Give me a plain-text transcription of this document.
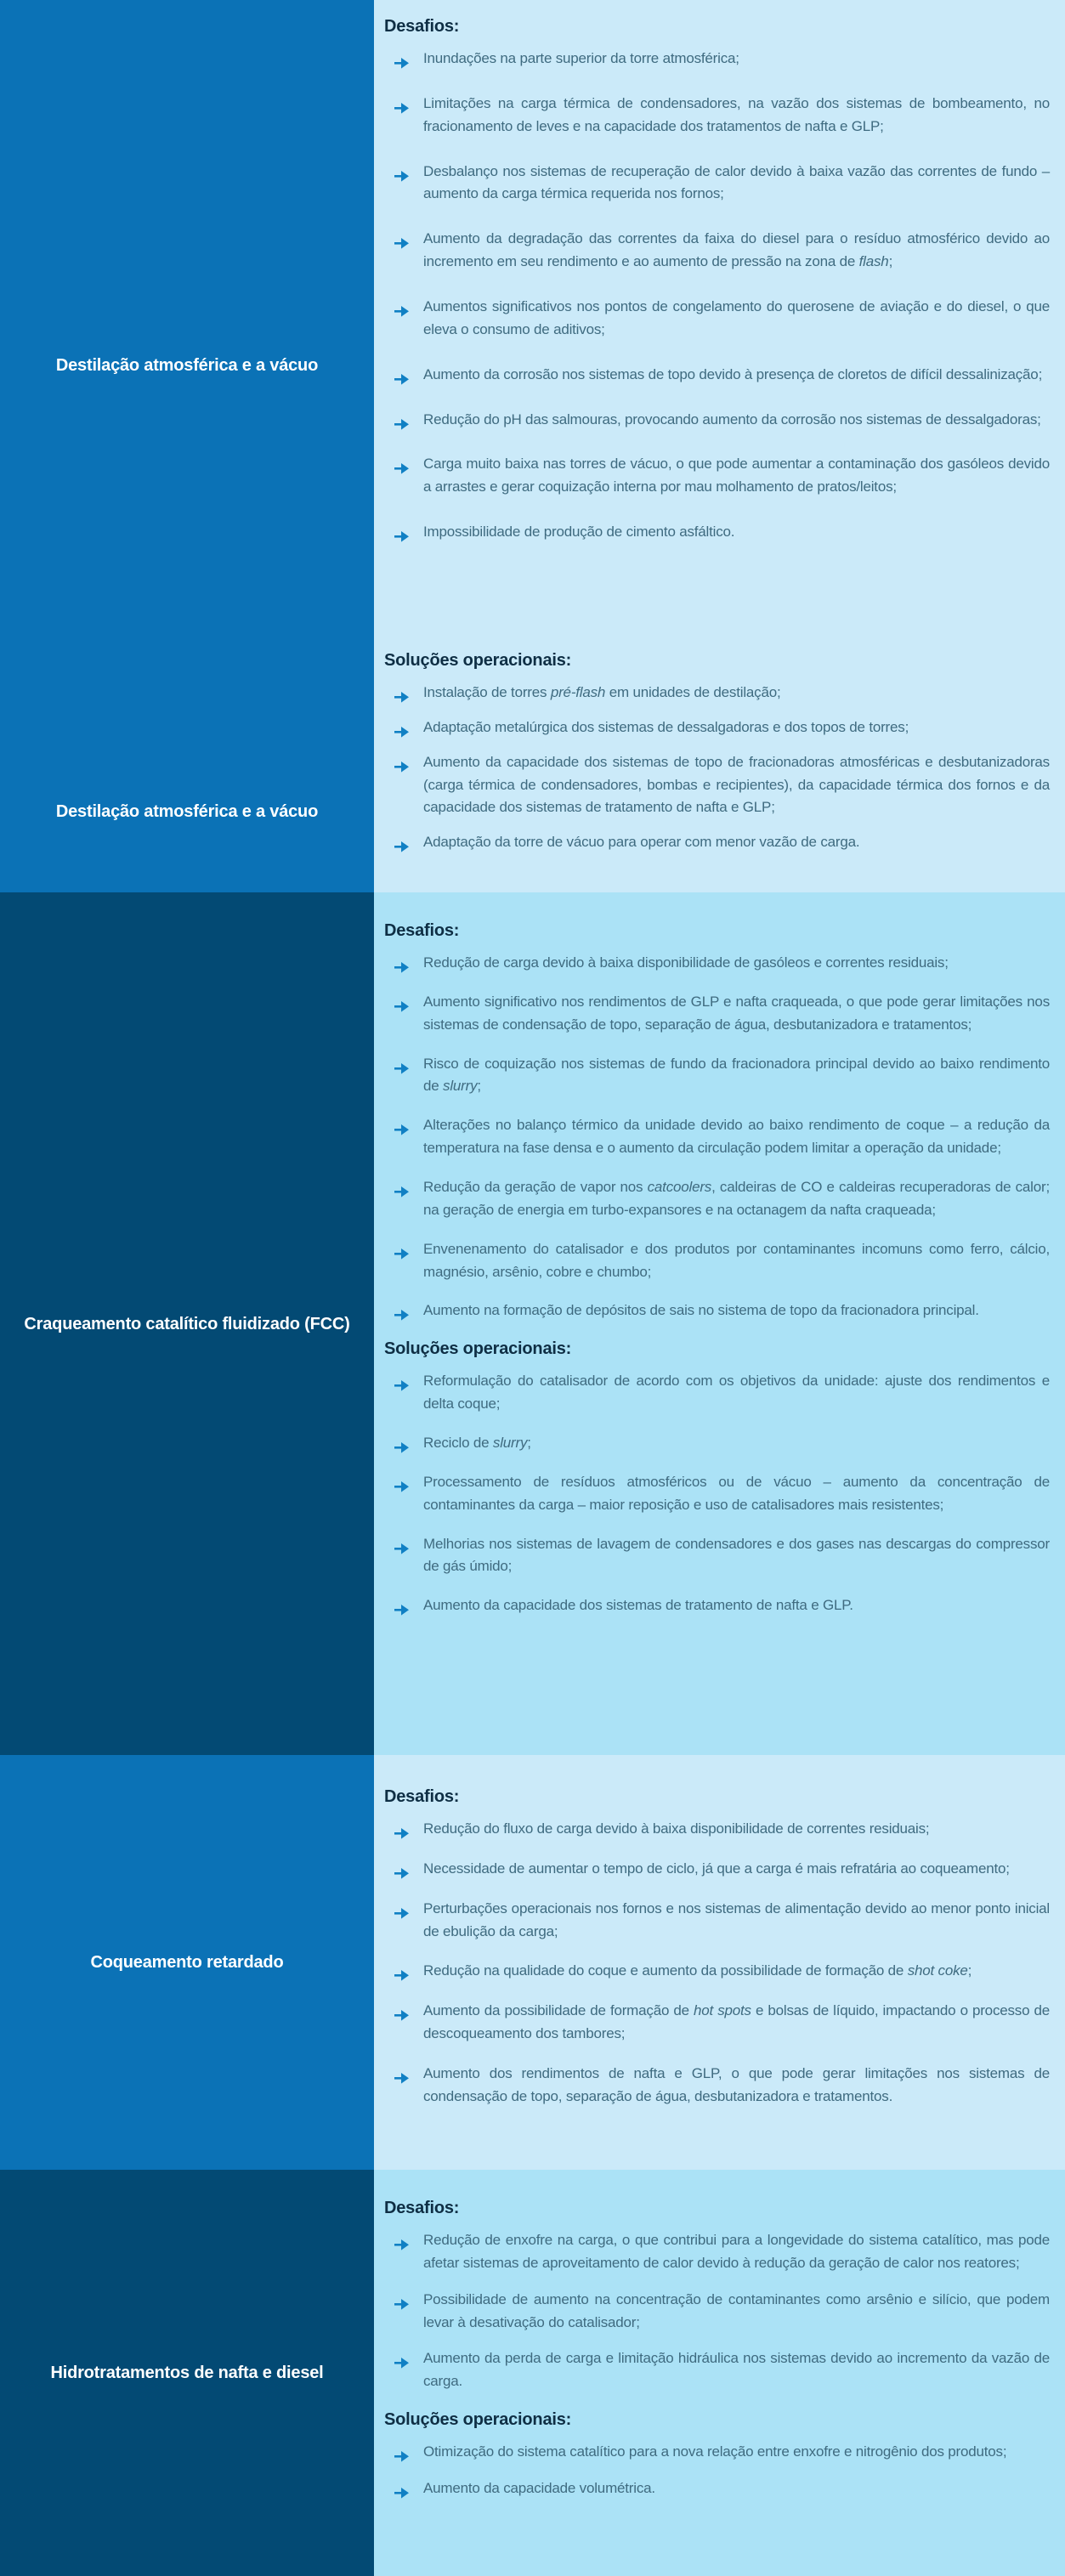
Destilação atmosférica e a vácuo
Desafios:
Inundações na parte superior da torre atmosférica;
Limitações na carga térmica de condensadores, na vazão dos sistemas de bombeamento, no fracionamento de leves e na capacidade dos tratamentos de nafta e GLP;
Desbalanço nos sistemas de recuperação de calor devido à baixa vazão das correntes de fundo – aumento da carga térmica requerida nos fornos;
Aumento da degradação das correntes da faixa do diesel para o resíduo atmosférico devido ao incremento em seu rendimento e ao aumento de pressão na zona de flash;
Aumentos significativos nos pontos de congelamento do querosene de aviação e do diesel, o que eleva o consumo de aditivos;
Aumento da corrosão nos sistemas de topo devido à presença de cloretos de difícil dessalinização;
Redução do pH das salmouras, provocando aumento da corrosão nos sistemas de dessalgadoras;
Carga muito baixa nas torres de vácuo, o que pode aumentar a contaminação dos gasóleos devido a arrastes e gerar coquização interna por mau molhamento de pratos/leitos;
Impossibilidade de produção de cimento asfáltico.
Destilação atmosférica e a vácuo
Soluções operacionais:
Instalação de torres pré-flash em unidades de destilação;
Adaptação metalúrgica dos sistemas de dessalgadoras e dos topos de torres;
Aumento da capacidade dos sistemas de topo de fracionadoras atmosféricas e desbutanizadoras (carga térmica de condensadores, bombas e recipientes), da capacidade térmica dos fornos e da capacidade dos sistemas de tratamento de nafta e GLP;
Adaptação da torre de vácuo para operar com menor vazão de carga.
Craqueamento catalítico fluidizado (FCC)
Desafios:
Redução de carga devido à baixa disponibilidade de gasóleos e correntes residuais;
Aumento significativo nos rendimentos de GLP e nafta craqueada, o que pode gerar limitações nos sistemas de condensação de topo, separação de água, desbutanizadora e tratamentos;
Risco de coquização nos sistemas de fundo da fracionadora principal devido ao baixo rendimento de slurry;
Alterações no balanço térmico da unidade devido ao baixo rendimento de coque – a redução da temperatura na fase densa e o aumento da circulação podem limitar a operação da unidade;
Redução da geração de vapor nos catcoolers, caldeiras de CO e caldeiras recuperadoras de calor; na geração de energia em turbo-expansores e na octanagem da nafta craqueada;
Envenenamento do catalisador e dos produtos por contaminantes incomuns como ferro, cálcio, magnésio, arsênio, cobre e chumbo;
Aumento na formação de depósitos de sais no sistema de topo da fracionadora principal.
Soluções operacionais:
Reformulação do catalisador de acordo com os objetivos da unidade: ajuste dos rendimentos e delta coque;
Reciclo de slurry;
Processamento de resíduos atmosféricos ou de vácuo – aumento da concentração de contaminantes da carga – maior reposição e uso de catalisadores mais resistentes;
Melhorias nos sistemas de lavagem de condensadores e dos gases nas descargas do compressor de gás úmido;
Aumento da capacidade dos sistemas de tratamento de nafta e GLP.
Coqueamento retardado
Desafios:
Redução do fluxo de carga devido à baixa disponibilidade de correntes residuais;
Necessidade de aumentar o tempo de ciclo, já que a carga é mais refratária ao coqueamento;
Perturbações operacionais nos fornos e nos sistemas de alimentação devido ao menor ponto inicial de ebulição da carga;
Redução na qualidade do coque e aumento da possibilidade de formação de shot coke;
Aumento da possibilidade de formação de hot spots e bolsas de líquido, impactando o processo de descoqueamento dos tambores;
Aumento dos rendimentos de nafta e GLP, o que pode gerar limitações nos sistemas de condensação de topo, separação de água, desbutanizadora e tratamentos.
Hidrotratamentos de nafta e diesel
Desafios:
Redução de enxofre na carga, o que contribui para a longevidade do sistema catalítico, mas pode afetar sistemas de aproveitamento de calor devido à redução da geração de calor nos reatores;
Possibilidade de aumento na concentração de contaminantes como arsênio e silício, que podem levar à desativação do catalisador;
Aumento da perda de carga e limitação hidráulica nos sistemas devido ao incremento da vazão de carga.
Soluções operacionais:
Otimização do sistema catalítico para a nova relação entre enxofre e nitrogênio dos produtos;
Aumento da capacidade volumétrica.
